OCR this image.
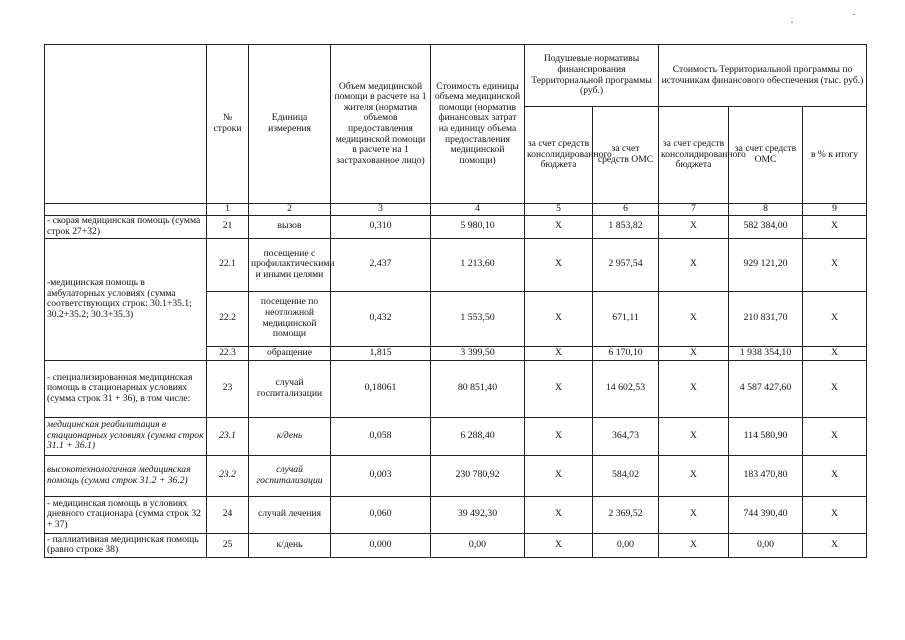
	№ строки	Единица измерения	Объем медицинской помощи в расчете на 1 жителя (норматив объемов предоставления медицинской помощи в расчете на 1 застрахованное лицо)	Стоимость единицы объема медицинской помощи (норматив финансовых затрат на единицу объема предоставления медицинской помощи)	Подушевые нормативы финансирования Территориальной программы (руб.)		Стоимость Территориальной программы по источникам финансового обеспечения (тыс. руб.)		
					за счет средств консолидированного бюджета	за счет средств ОМС	за счет средств консолидированного бюджета	за счет средств ОМС	в % к итогу
	1	2	3	4	5	6	7	8	9
- скорая медицинская помощь (сумма строк 27+32)	21	вызов	0,310	5 980,10	X	1 853,82	X	582 384,00	X
-медицинская помощь в амбулаторных условиях (сумма соответствующих строк: 30.1+35.1; 30.2+35.2; 30.3+35.3)	22.1	посещение с профилактическими и иными целями	2,437	1 213,60	X	2 957,54	X	929 121,20	X
	22.2	посещение по неотложной медицинской помощи	0,432	1 553,50	X	671,11	X	210 831,70	X
	22.3	обращение	1,815	3 399,50	X	6 170,10	X	1 938 354,10	X
- специализированная медицинская помощь в стационарных условиях (сумма строк 31 + 36), в том числе:	23	случай госпитализации	0,18061	80 851,40	X	14 602,53	X	4 587 427,60	X
медицинская реабилитация в стационарных условиях (сумма строк 31.1 + 36.1)	23.1	к/день	0,058	6 288,40	X	364,73	X	114 580,90	X
высокотехнологичная медицинская помощь (сумма строк 31.2 + 36.2)	23.2	случай госпитализации	0,003	230 780,92	X	584,02	X	183 470,80	X
- медицинская помощь в условиях дневного стационара (сумма строк 32 + 37)	24	случай лечения	0,060	39 492,30	X	2 369,52	X	744 390,40	X
- паллиативная медицинская помощь (равно строке 38)	25	к/день	0,000	0,00	X	0,00	X	0,00	X
